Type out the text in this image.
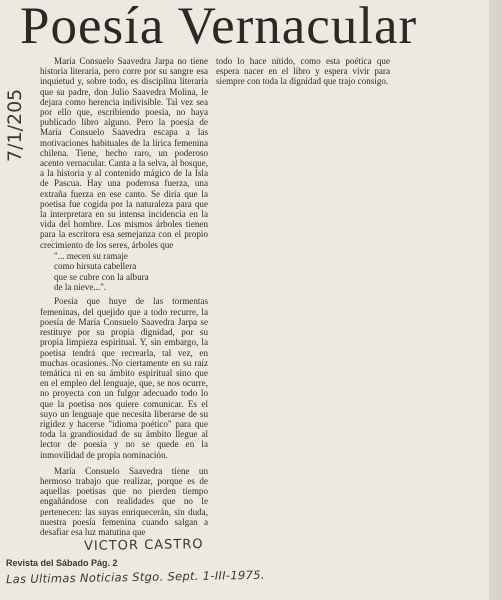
Poesía Vernacular
7/1/205

María Consuelo Saavedra Jarpa no tiene historia literaria, pero corre por su sangre esa inquietud y, sobre todo, es disciplina literaria que su padre, don Julio Saavedra Molina, le dejara como herencia indivisible. Tal vez sea por ello que, escribiendo poesía, no haya publicado libro alguno. Pero la poesía de María Consuelo Saavedra escapa a las motivaciones habituales de la lírica femenina chilena. Tiene, hecho raro, un poderoso acento vernacular. Canta a la selva, al bosque, a la historia y al contenido mágico de la Isla de Pascua. Hay una poderosa fuerza, una extraña fuerza en ese canto. Se diría que la poetisa fue cogida por la naturaleza para que la interpretara en su intensa incidencia en la vida del hombre. Los mismos árboles tienen para la escritora esa semejanza con el propio crecimiento de los seres, árboles que

"... mecen su ramaje
como hirsuta cabellera
que se cubre con la albura
de la nieve...".

Poesía que huye de las tormentas femeninas, del quejido que a todo recurre, la poesía de María Consuelo Saavedra Jarpa se restituye por su propia dignidad, por su propia limpieza espiritual. Y, sin embargo, la poetisa tendrá que recrearla, tal vez, en muchas ocasiones. No ciertamente en su raíz temática ni en su ámbito espiritual sino que en el empleo del lenguaje, que, se nos ocurre, no proyecta con un fulgor adecuado todo lo que la poetisa nos quiere comunicar. Es el suyo un lenguaje que necesita liberarse de su rigidez y hacerse "idioma poético" para que toda la grandiosidad de su ámbito llegue al lector de poesía y no se quede en la inmovilidad de propia nominación.

María Consuelo Saavedra tiene un hermoso trabajo que realizar, porque es de aquellas poetisas que no pierden tiempo engañándose con realidades que no le pertenecen: las suyas enriquecerán, sin duda, nuestra poesía femenina cuando salgan a desafiar esa luz matutina que

todo lo hace nítido, como esta poética que espera nacer en el libro y espera vivir para siempre con toda la dignidad que trajo consigo.

VICTOR CASTRO
Revista del Sábado Pág. 2
Las Ultimas Noticias Stgo. Sept. 1-III-1975.
